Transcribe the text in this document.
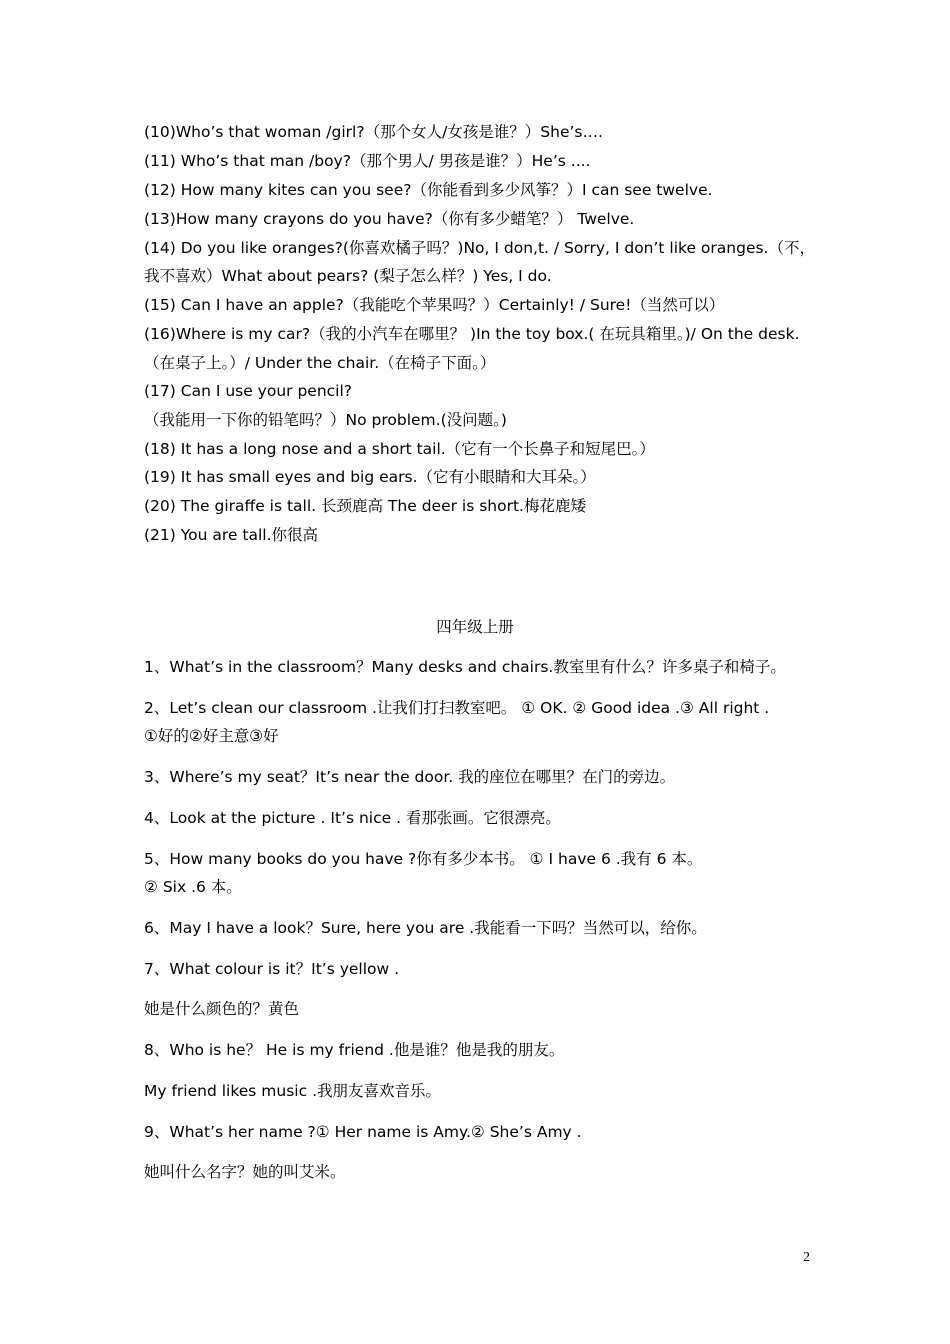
(10)Who’s that woman /girl?（那个女人/女孩是谁？）She’s….
(11) Who’s that man /boy?（那个男人/ 男孩是谁？）He’s ....
(12) How many kites can you see?（你能看到多少风筝？）I can see twelve.
(13)How many crayons do you have?（你有多少蜡笔？） Twelve.
(14) Do you like oranges?(你喜欢橘子吗？)No, I don,t. / Sorry, I don’t like oranges.（不，
我不喜欢）What about pears? (梨子怎么样？) Yes, I do.
(15) Can I have an apple?（我能吃个苹果吗？）Certainly! / Sure!（当然可以）
(16)Where is my car?（我的小汽车在哪里？ )In the toy box.( 在玩具箱里。)/ On the desk.
（在桌子上。）/ Under the chair.（在椅子下面。）
(17) Can I use your pencil?
（我能用一下你的铅笔吗？）No problem.(没问题。)
(18) It has a long nose and a short tail.（它有一个长鼻子和短尾巴。）
(19) It has small eyes and big ears.（它有小眼睛和大耳朵。）
(20) The giraffe is tall. 长颈鹿高 The deer is short.梅花鹿矮
(21) You are tall.你很高
四年级上册
1、What’s in the classroom？Many desks and chairs.教室里有什么？许多桌子和椅子。
2、Let’s clean our classroom .让我们打扫教室吧。 ① OK. ② Good idea .③ All right .
①好的②好主意③好
3、Where’s my seat？It’s near the door. 我的座位在哪里？在门的旁边。
4、Look at the picture . It’s nice . 看那张画。它很漂亮。
5、How many books do you have ?你有多少本书。 ① I have 6 .我有 6 本。
② Six .6 本。
6、May I have a look？Sure, here you are .我能看一下吗？当然可以，给你。
7、What colour is it？It’s yellow .
她是什么颜色的？黄色
8、Who is he？ He is my friend .他是谁？他是我的朋友。
My friend likes music .我朋友喜欢音乐。
9、What’s her name ?① Her name is Amy.② She’s Amy .
她叫什么名字？她的叫艾米。
2
